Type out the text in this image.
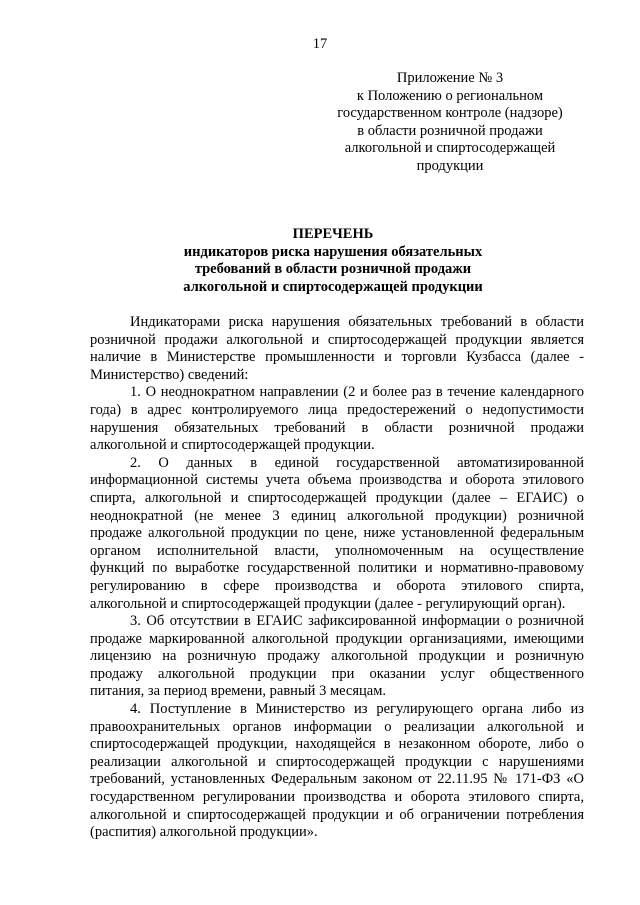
17
Приложение № 3
к Положению о региональном
государственном контроле (надзоре)
в области розничной продажи
алкогольной и спиртосодержащей
продукции
ПЕРЕЧЕНЬ
индикаторов риска нарушения обязательных
требований в области розничной продажи
алкогольной и спиртосодержащей продукции
Индикаторами риска нарушения обязательных требований в области
розничной продажи алкогольной и спиртосодержащей продукции является
наличие в Министерстве промышленности и торговли Кузбасса (далее -
Министерство) сведений:
1. О неоднократном направлении (2 и более раз в течение календарного
года) в адрес контролируемого лица предостережений о недопустимости
нарушения обязательных требований в области розничной продажи
алкогольной и спиртосодержащей продукции.
2. О данных в единой государственной автоматизированной
информационной системы учета объема производства и оборота этилового
спирта, алкогольной и спиртосодержащей продукции (далее – ЕГАИС) о
неоднократной (не менее 3 единиц алкогольной продукции) розничной
продаже алкогольной продукции по цене, ниже установленной федеральным
органом исполнительной власти, уполномоченным на осуществление
функций по выработке государственной политики и нормативно-правовому
регулированию в сфере производства и оборота этилового спирта,
алкогольной и спиртосодержащей продукции (далее - регулирующий орган).
3. Об отсутствии в ЕГАИС зафиксированной информации о розничной
продаже маркированной алкогольной продукции организациями, имеющими
лицензию на розничную продажу алкогольной продукции и розничную
продажу алкогольной продукции при оказании услуг общественного
питания, за период времени, равный 3 месяцам.
4. Поступление в Министерство из регулирующего органа либо из
правоохранительных органов информации о реализации алкогольной и
спиртосодержащей продукции, находящейся в незаконном обороте, либо о
реализации алкогольной и спиртосодержащей продукции с нарушениями
требований, установленных Федеральным законом от 22.11.95 № 171-ФЗ «О
государственном регулировании производства и оборота этилового спирта,
алкогольной и спиртосодержащей продукции и об ограничении потребления
(распития) алкогольной продукции».
